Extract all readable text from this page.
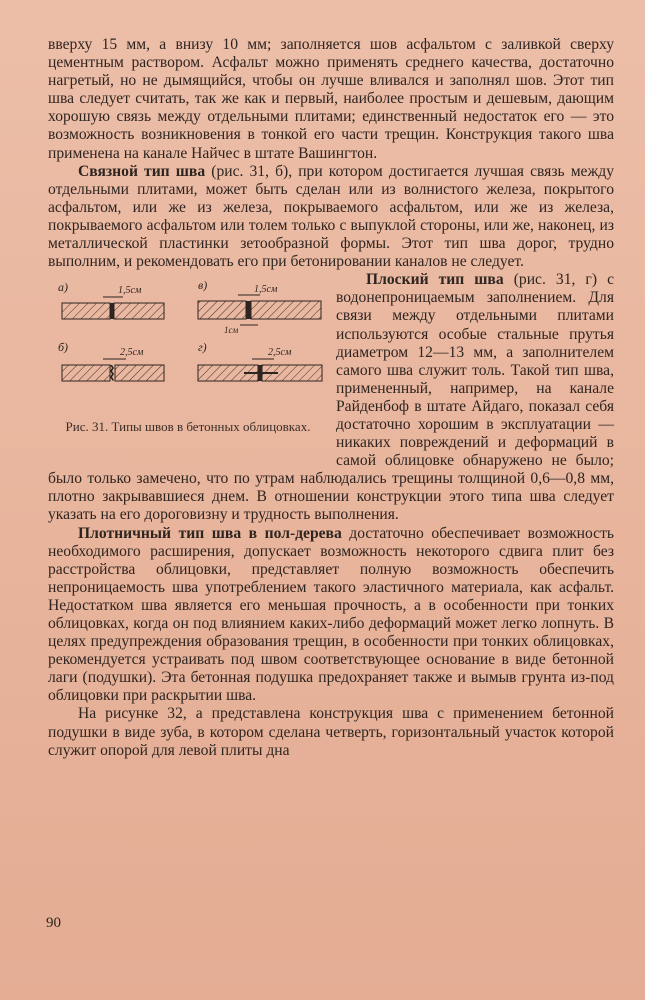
вверху 15 мм, а внизу 10 мм; заполняется шов асфальтом с заливкой сверху цементным раствором. Асфальт можно применять среднего качества, достаточно нагретый, но не дымящийся, чтобы он лучше вливался и заполнял шов. Этот тип шва следует считать, так же как и первый, наиболее простым и дешевым, дающим хорошую связь между отдельными плитами; единственный недостаток его — это возможность возникновения в тонкой его части трещин. Конструкция такого шва применена на канале Найчес в штате Вашингтон.

Связной тип шва (рис. 31, б), при котором достигается лучшая связь между отдельными плитами, может быть сделан или из волнистого железа, покрытого асфальтом, или же из железа, покрываемого асфальтом, или же из железа, покрываемого асфальтом или толем только с выпуклой стороны, или же, наконец, из металлической пластинки зетообразной формы. Этот тип шва дорог, трудно выполним, и рекомендовать его при бетонировании каналов не следует.

а)	1,5см	в)	1,5см
1см
б)	2,5см	г)	2,5см
Рис. 31. Типы швов в бетонных облицовках.

Плоский тип шва (рис. 31, г) с водонепроницаемым заполнением. Для связи между отдельными плитами используются особые стальные прутья диаметром 12—13 мм, а заполнителем самого шва служит толь. Такой тип шва, примененный, например, на канале Райденбоф в штате Айдаго, показал себя достаточно хорошим в эксплуатации — никаких повреждений и деформаций в самой облицовке обнаружено не было; было только замечено, что по утрам наблюдались трещины толщиной 0,6—0,8 мм, плотно закрывавшиеся днем. В отношении конструкции этого типа шва следует указать на его дороговизну и трудность выполнения.

Плотничный тип шва в пол-дерева достаточно обеспечивает возможность необходимого расширения, допускает возможность некоторого сдвига плит без расстройства облицовки, представляет полную возможность обеспечить непроницаемость шва употреблением такого эластичного материала, как асфальт. Недостатком шва является его меньшая прочность, а в особенности при тонких облицовках, когда он под влиянием каких-либо деформаций может легко лопнуть. В целях предупреждения образования трещин, в особенности при тонких облицовках, рекомендуется устраивать под швом соответствующее основание в виде бетонной лаги (подушки). Эта бетонная подушка предохраняет также и вымыв грунта из-под облицовки при раскрытии шва.

На рисунке 32, а представлена конструкция шва с применением бетонной подушки в виде зуба, в котором сделана четверть, горизонтальный участок которой служит опорой для левой плиты дна

90
